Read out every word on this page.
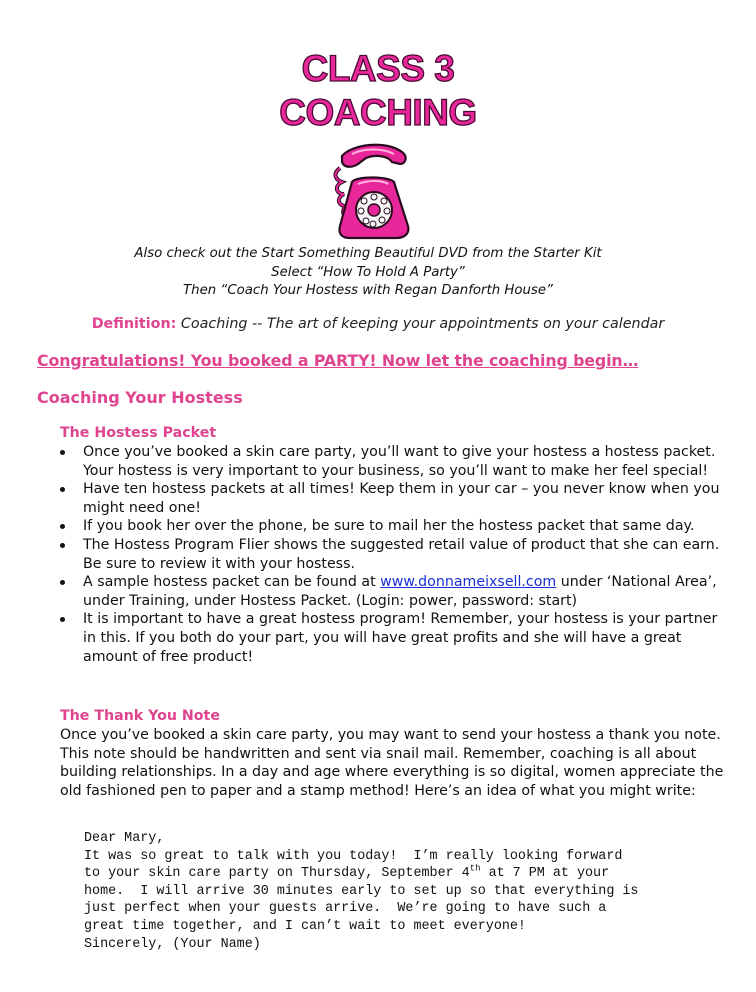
CLASS 3
COACHING
Also check out the Start Something Beautiful DVD from the Starter Kit
Select “How To Hold A Party”
Then “Coach Your Hostess with Regan Danforth House”
Definition: Coaching -- The art of keeping your appointments on your calendar
Congratulations! You booked a PARTY! Now let the coaching begin…
Coaching Your Hostess
The Hostess Packet
Once you’ve booked a skin care party, you’ll want to give your hostess a hostess packet. Your hostess is very important to your business, so you’ll want to make her feel special!
Have ten hostess packets at all times! Keep them in your car – you never know when you might need one!
If you book her over the phone, be sure to mail her the hostess packet that same day.
The Hostess Program Flier shows the suggested retail value of product that she can earn. Be sure to review it with your hostess.
A sample hostess packet can be found at www.donnameixsell.com under ‘National Area’, under Training, under Hostess Packet. (Login: power, password: start)
It is important to have a great hostess program! Remember, your hostess is your partner in this. If you both do your part, you will have great profits and she will have a great amount of free product!
The Thank You Note
Once you’ve booked a skin care party, you may want to send your hostess a thank you note. This note should be handwritten and sent via snail mail. Remember, coaching is all about building relationships. In a day and age where everything is so digital, women appreciate the old fashioned pen to paper and a stamp method! Here’s an idea of what you might write:
Dear Mary,
It was so great to talk with you today!  I’m really looking forward
to your skin care party on Thursday, September 4th at 7 PM at your
home.  I will arrive 30 minutes early to set up so that everything is
just perfect when your guests arrive.  We’re going to have such a
great time together, and I can’t wait to meet everyone!
Sincerely, (Your Name)
